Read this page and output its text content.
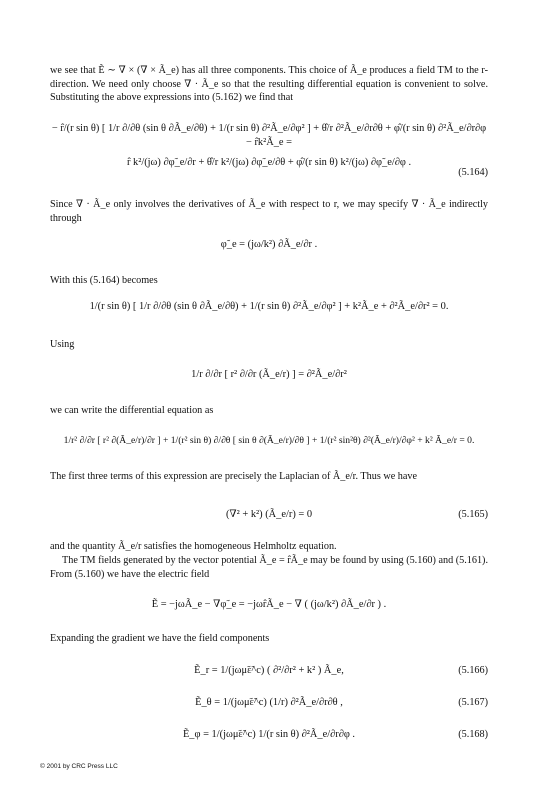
we see that Ẽ ∼ ∇ × (∇ × Ã_e) has all three components. This choice of Ã_e produces a field TM to the r-direction. We need only choose ∇ · Ã_e so that the resulting differential equation is convenient to solve. Substituting the above expressions into (5.162) we find that
− r̂/(r sin θ) [ 1/r ∂/∂θ (sin θ ∂Ã_e/∂θ) + 1/(r sin θ) ∂²Ã_e/∂φ² ] + θ̂/r ∂²Ã_e/∂r∂θ + φ̂/(r sin θ) ∂²Ã_e/∂r∂φ − r̂k²Ã_e =
r̂ k²/(jω) ∂φ̃_e/∂r + θ̂/r k²/(jω) ∂φ̃_e/∂θ + φ̂/(r sin θ) k²/(jω) ∂φ̃_e/∂φ .
(5.164)
Since ∇ · Ã_e only involves the derivatives of Ã_e with respect to r, we may specify ∇ · Ã_e indirectly through
φ̃_e = (jω/k²) ∂Ã_e/∂r .
With this (5.164) becomes
1/(r sin θ) [ 1/r ∂/∂θ (sin θ ∂Ã_e/∂θ) + 1/(r sin θ) ∂²Ã_e/∂φ² ] + k²Ã_e + ∂²Ã_e/∂r² = 0.
Using
1/r ∂/∂r [ r² ∂/∂r (Ã_e/r) ] = ∂²Ã_e/∂r²
we can write the differential equation as
1/r² ∂/∂r [ r² ∂(Ã_e/r)/∂r ] + 1/(r² sin θ) ∂/∂θ [ sin θ ∂(Ã_e/r)/∂θ ] + 1/(r² sin²θ) ∂²(Ã_e/r)/∂φ² + k² Ã_e/r = 0.
The first three terms of this expression are precisely the Laplacian of Ã_e/r. Thus we have
(∇² + k²) (Ã_e/r) = 0	(5.165)
and the quantity Ã_e/r satisfies the homogeneous Helmholtz equation.
The TM fields generated by the vector potential Ã_e = r̂Ã_e may be found by using (5.160) and (5.161). From (5.160) we have the electric field
Ẽ = −jωÃ_e − ∇φ̃_e = −jωr̂Ã_e − ∇ ( (jω/k²) ∂Ã_e/∂r ) .
Expanding the gradient we have the field components
Ẽ_r = 1/(jωμ̃ε̃^c) ( ∂²/∂r² + k² ) Ã_e,	(5.166)
Ẽ_θ = 1/(jωμ̃ε̃^c) (1/r) ∂²Ã_e/∂r∂θ ,	(5.167)
Ẽ_φ = 1/(jωμ̃ε̃^c) 1/(r sin θ) ∂²Ã_e/∂r∂φ .	(5.168)
© 2001 by CRC Press LLC
